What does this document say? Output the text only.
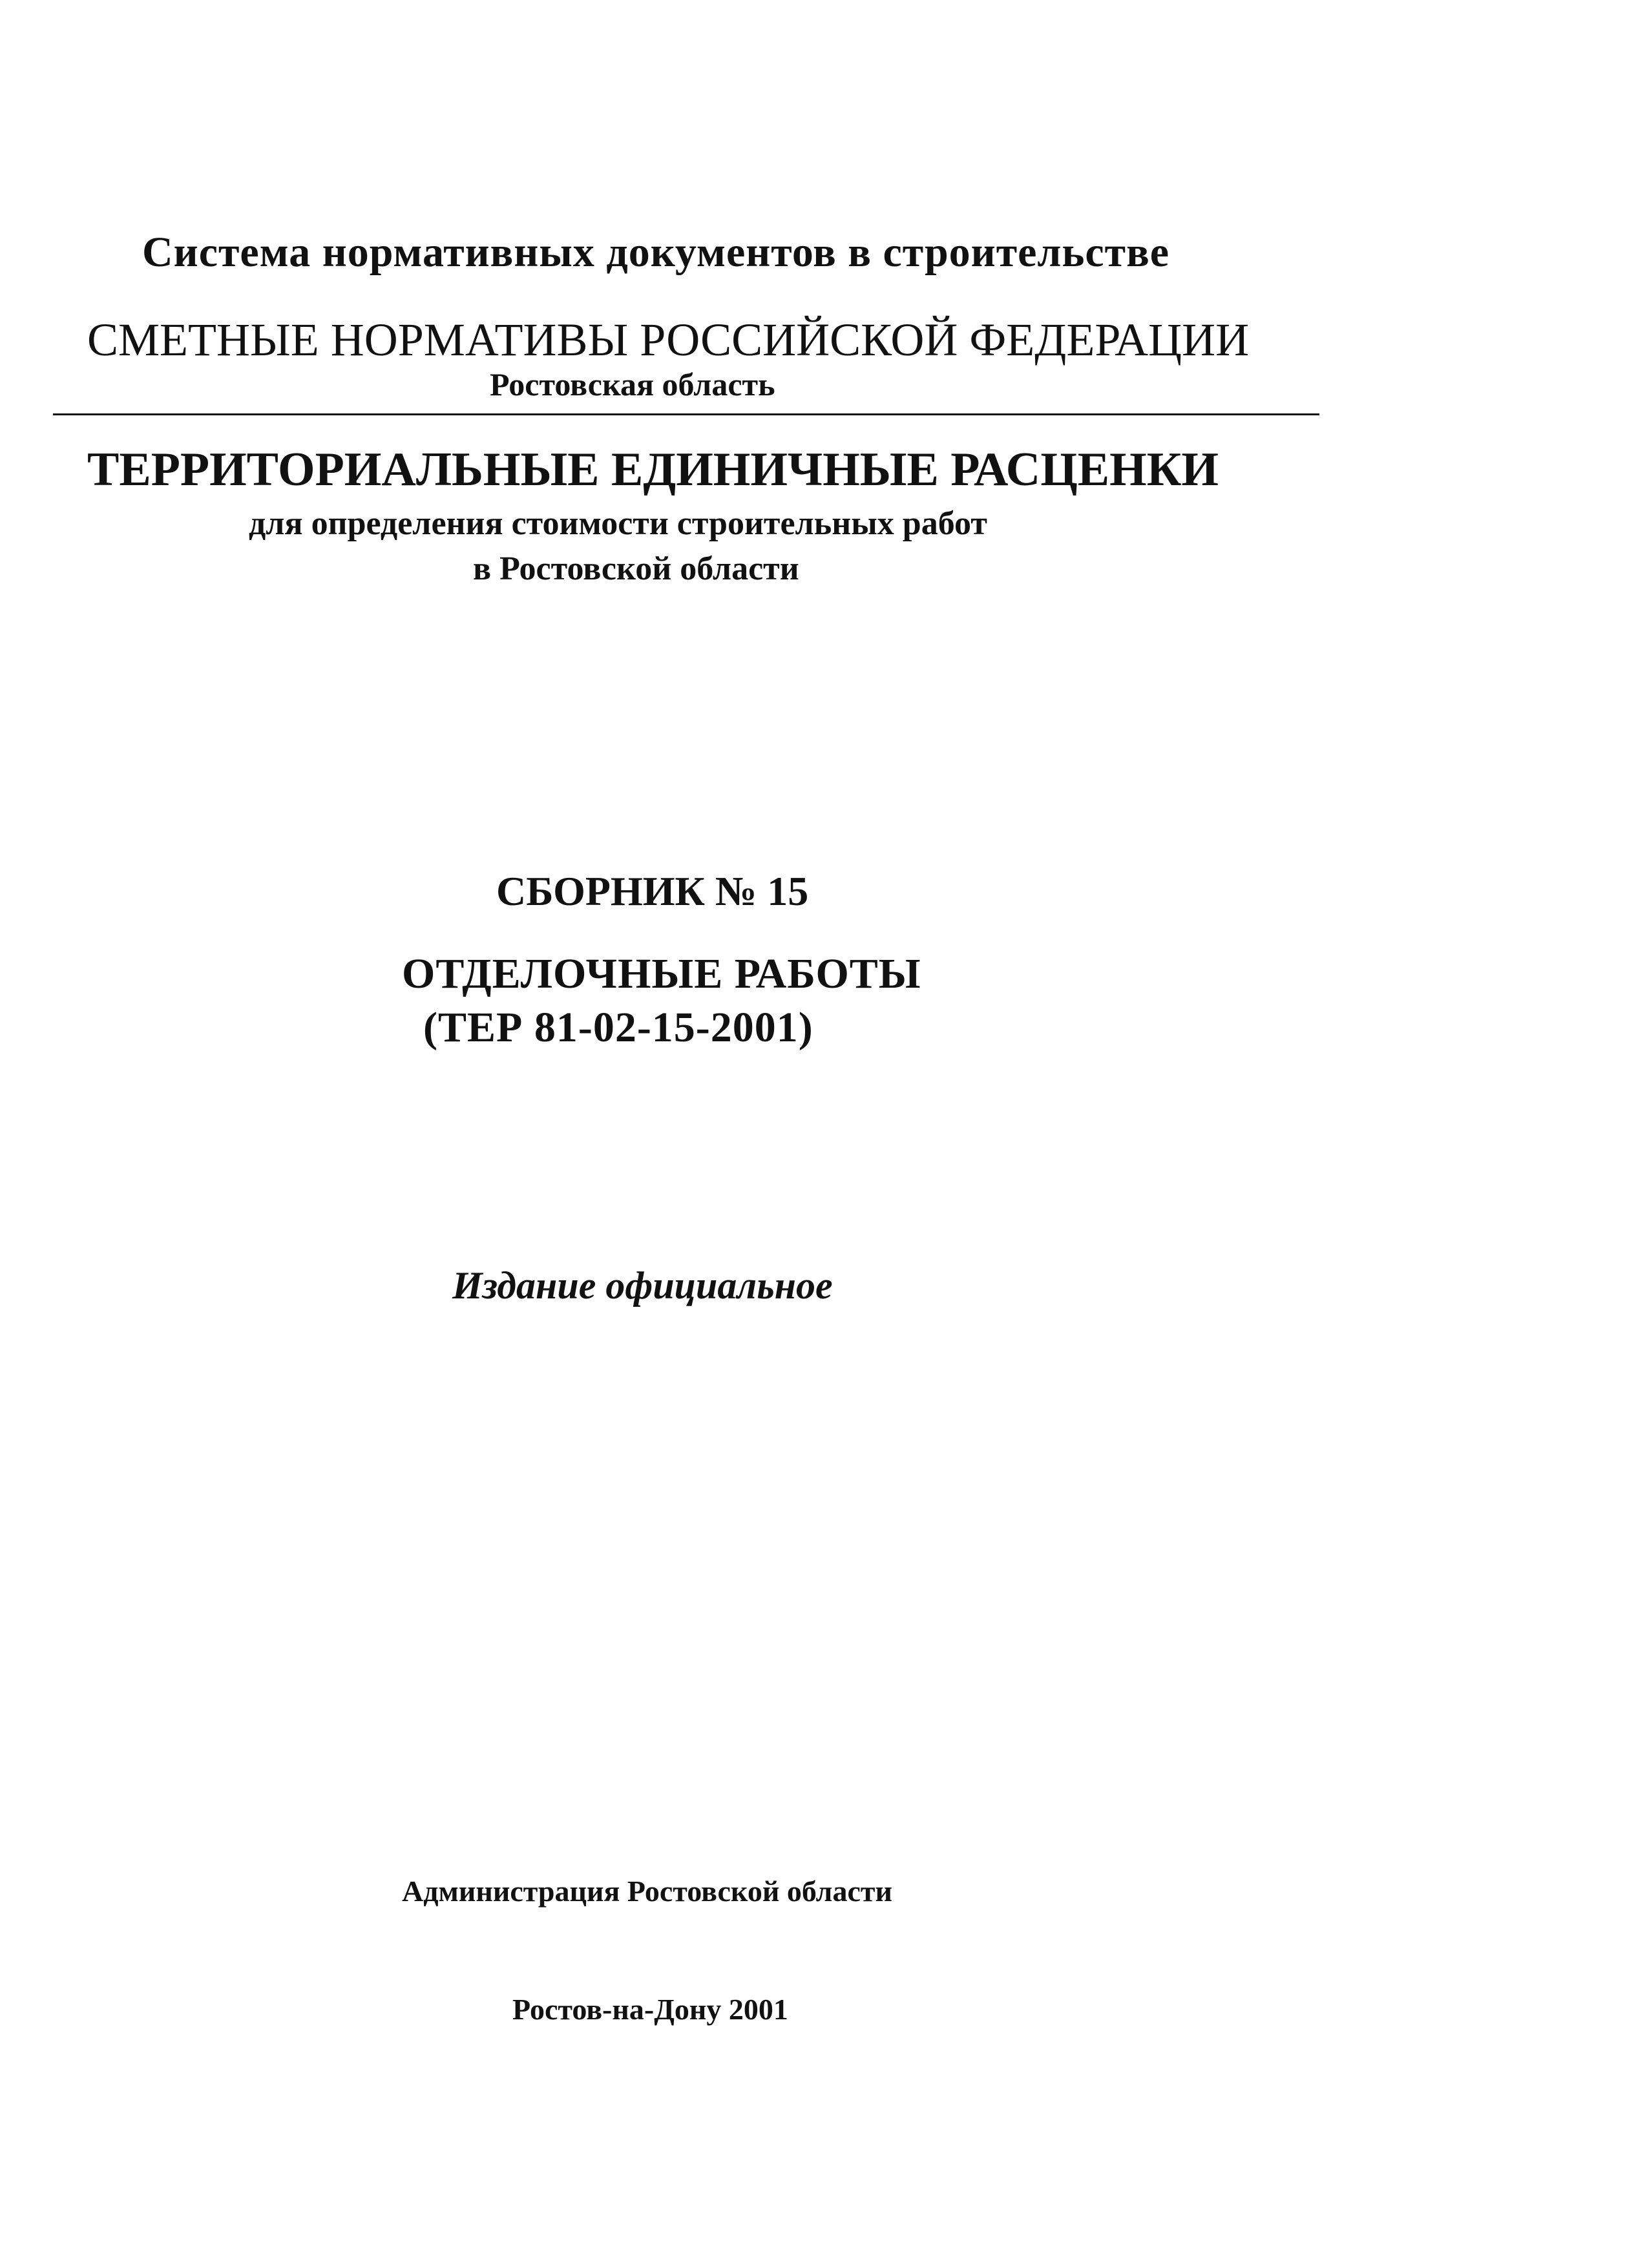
Система нормативных документов в строительстве

СМЕТНЫЕ НОРМАТИВЫ РОССИЙСКОЙ ФЕДЕРАЦИИ

Ростовская область

ТЕРРИТОРИАЛЬНЫЕ ЕДИНИЧНЫЕ РАСЦЕНКИ

для определения стоимости строительных работ

в Ростовской области

СБОРНИК № 15
ОТДЕЛОЧНЫЕ РАБОТЫ

(ТЕР 81-02-15-2001)

Издание официальное

Администрация Ростовской области

Ростов-на-Дону 2001
